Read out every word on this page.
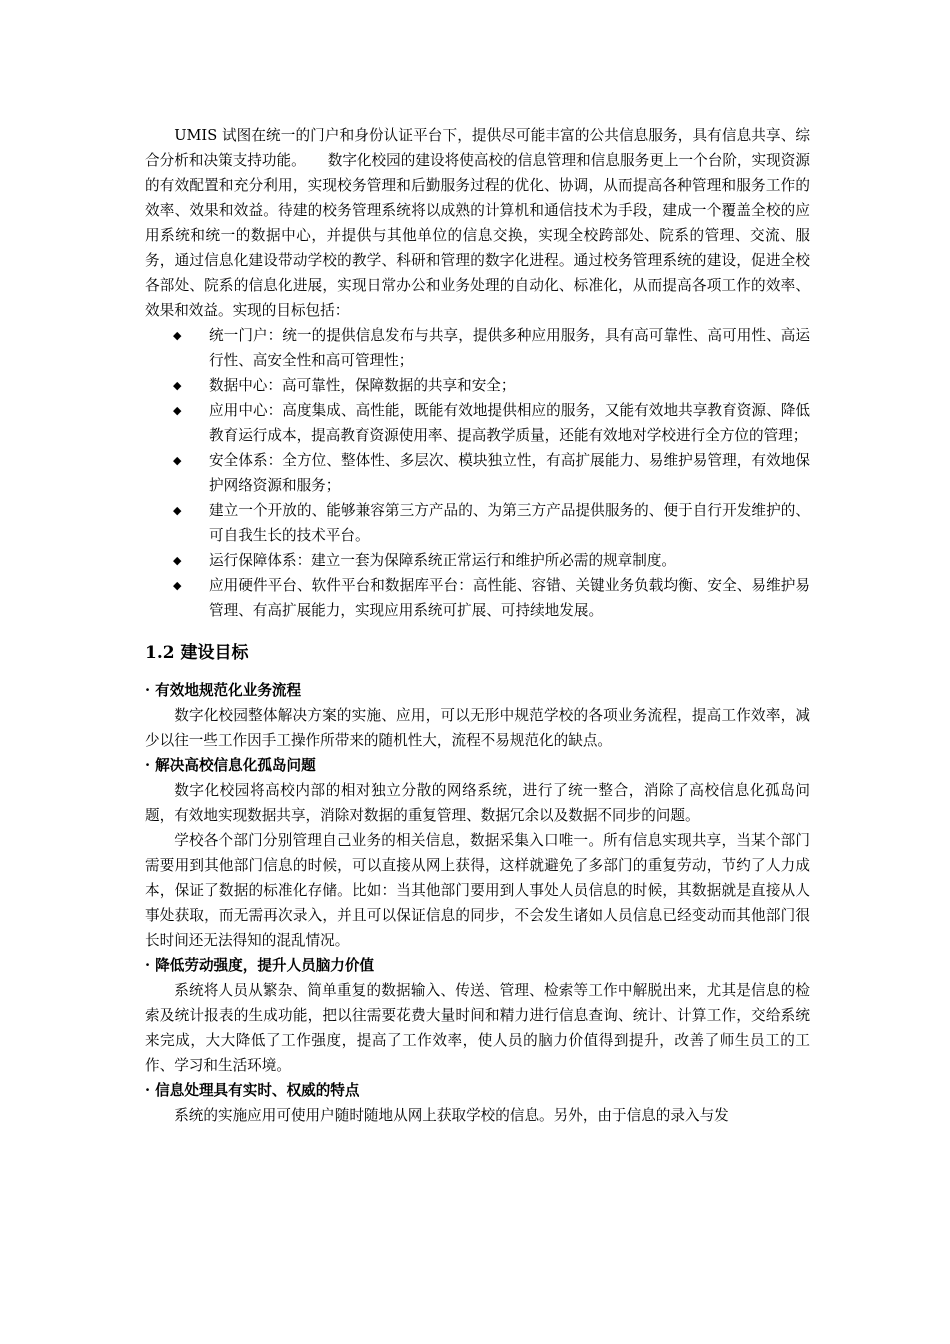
UMIS 试图在统一的门户和身份认证平台下，提供尽可能丰富的公共信息服务，具有信息共享、综合分析和决策支持功能。　　数字化校园的建设将使高校的信息管理和信息服务更上一个台阶，实现资源的有效配置和充分利用，实现校务管理和后勤服务过程的优化、协调，从而提高各种管理和服务工作的效率、效果和效益。待建的校务管理系统将以成熟的计算机和通信技术为手段，建成一个覆盖全校的应用系统和统一的数据中心，并提供与其他单位的信息交换，实现全校跨部处、院系的管理、交流、服务，通过信息化建设带动学校的教学、科研和管理的数字化进程。通过校务管理系统的建设，促进全校各部处、院系的信息化进展，实现日常办公和业务处理的自动化、标准化，从而提高各项工作的效率、效果和效益。实现的目标包括：

◆ 统一门户：统一的提供信息发布与共享，提供多种应用服务，具有高可靠性、高可用性、高运行性、高安全性和高可管理性；
◆ 数据中心：高可靠性，保障数据的共享和安全；
◆ 应用中心：高度集成、高性能，既能有效地提供相应的服务，又能有效地共享教育资源、降低教育运行成本，提高教育资源使用率、提高教学质量，还能有效地对学校进行全方位的管理；
◆ 安全体系：全方位、整体性、多层次、模块独立性，有高扩展能力、易维护易管理，有效地保护网络资源和服务；
◆ 建立一个开放的、能够兼容第三方产品的、为第三方产品提供服务的、便于自行开发维护的、可自我生长的技术平台。
◆ 运行保障体系：建立一套为保障系统正常运行和维护所必需的规章制度。
◆ 应用硬件平台、软件平台和数据库平台：高性能、容错、关键业务负载均衡、安全、易维护易管理、有高扩展能力，实现应用系统可扩展、可持续地发展。
1.2 建设目标
· 有效地规范化业务流程

数字化校园整体解决方案的实施、应用，可以无形中规范学校的各项业务流程，提高工作效率，减少以往一些工作因手工操作所带来的随机性大，流程不易规范化的缺点。

· 解决高校信息化孤岛问题

数字化校园将高校内部的相对独立分散的网络系统，进行了统一整合，消除了高校信息化孤岛问题，有效地实现数据共享，消除对数据的重复管理、数据冗余以及数据不同步的问题。

学校各个部门分别管理自己业务的相关信息，数据采集入口唯一。所有信息实现共享，当某个部门需要用到其他部门信息的时候，可以直接从网上获得，这样就避免了多部门的重复劳动，节约了人力成本，保证了数据的标准化存储。比如：当其他部门要用到人事处人员信息的时候，其数据就是直接从人事处获取，而无需再次录入，并且可以保证信息的同步，不会发生诸如人员信息已经变动而其他部门很长时间还无法得知的混乱情况。

· 降低劳动强度，提升人员脑力价值

系统将人员从繁杂、简单重复的数据输入、传送、管理、检索等工作中解脱出来，尤其是信息的检索及统计报表的生成功能，把以往需要花费大量时间和精力进行信息查询、统计、计算工作，交给系统来完成，大大降低了工作强度，提高了工作效率，使人员的脑力价值得到提升，改善了师生员工的工作、学习和生活环境。

· 信息处理具有实时、权威的特点

系统的实施应用可使用户随时随地从网上获取学校的信息。另外，由于信息的录入与发
